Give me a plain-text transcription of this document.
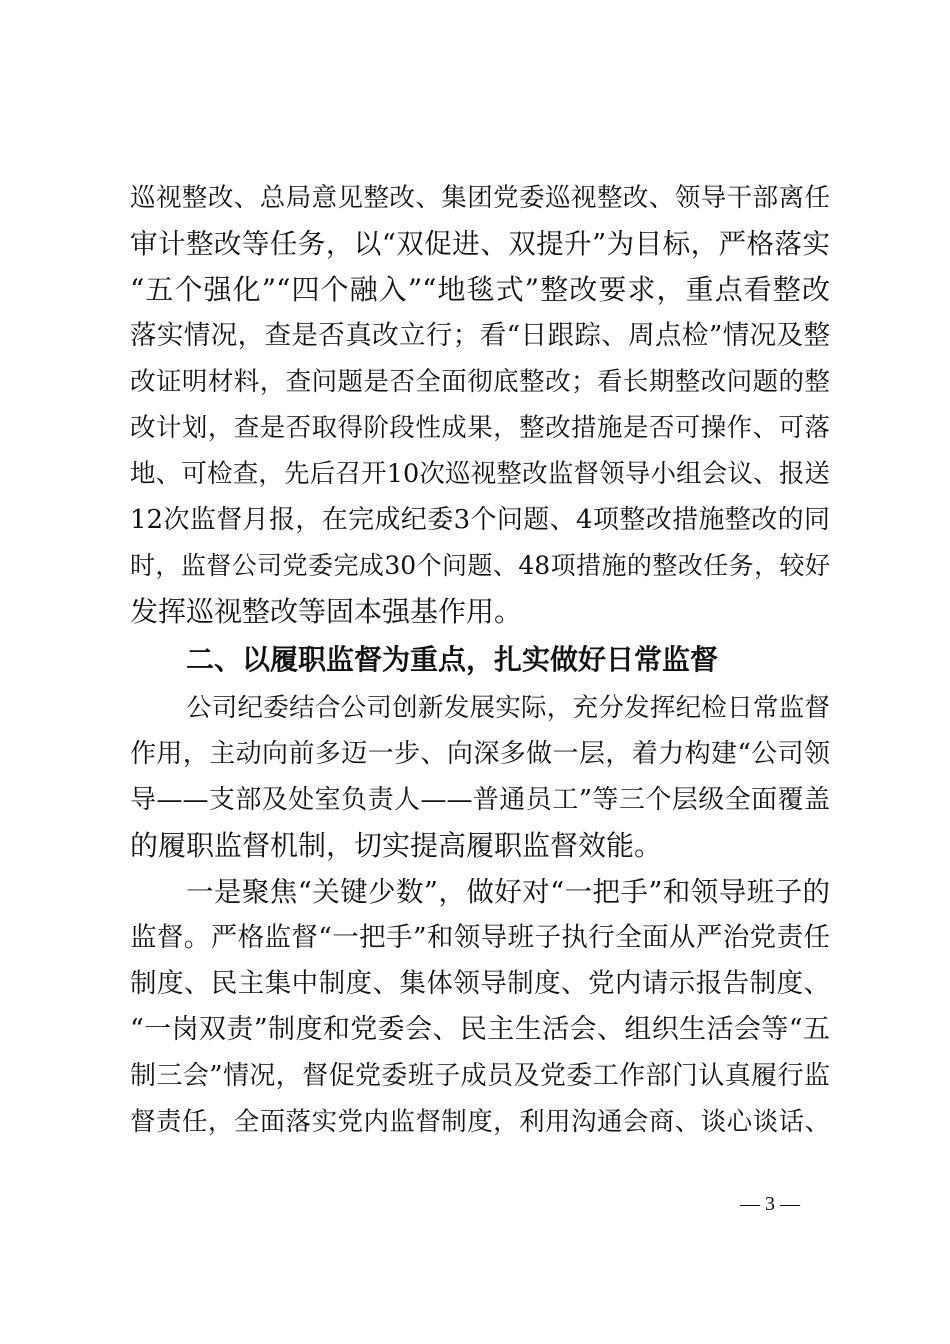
巡视整改、总局意见整改、集团党委巡视整改、领导干部离任
审计整改等任务，以“双促进、双提升”为目标，严格落实
“五个强化”“四个融入”“地毯式”整改要求，重点看整改
落实情况，查是否真改立行；看“日跟踪、周点检”情况及整
改证明材料，查问题是否全面彻底整改；看长期整改问题的整
改计划，查是否取得阶段性成果，整改措施是否可操作、可落
地、可检查，先后召开10次巡视整改监督领导小组会议、报送
12次监督月报，在完成纪委3个问题、4项整改措施整改的同
时，监督公司党委完成30个问题、48项措施的整改任务，较好
发挥巡视整改等固本强基作用。
二、以履职监督为重点，扎实做好日常监督
公司纪委结合公司创新发展实际，充分发挥纪检日常监督
作用，主动向前多迈一步、向深多做一层，着力构建“公司领
导——支部及处室负责人——普通员工”等三个层级全面覆盖
的履职监督机制，切实提高履职监督效能。
一是聚焦“关键少数”，做好对“一把手”和领导班子的
监督。严格监督“一把手”和领导班子执行全面从严治党责任
制度、民主集中制度、集体领导制度、党内请示报告制度、
“一岗双责”制度和党委会、民主生活会、组织生活会等“五
制三会”情况，督促党委班子成员及党委工作部门认真履行监
督责任，全面落实党内监督制度，利用沟通会商、谈心谈话、
— 3 —
